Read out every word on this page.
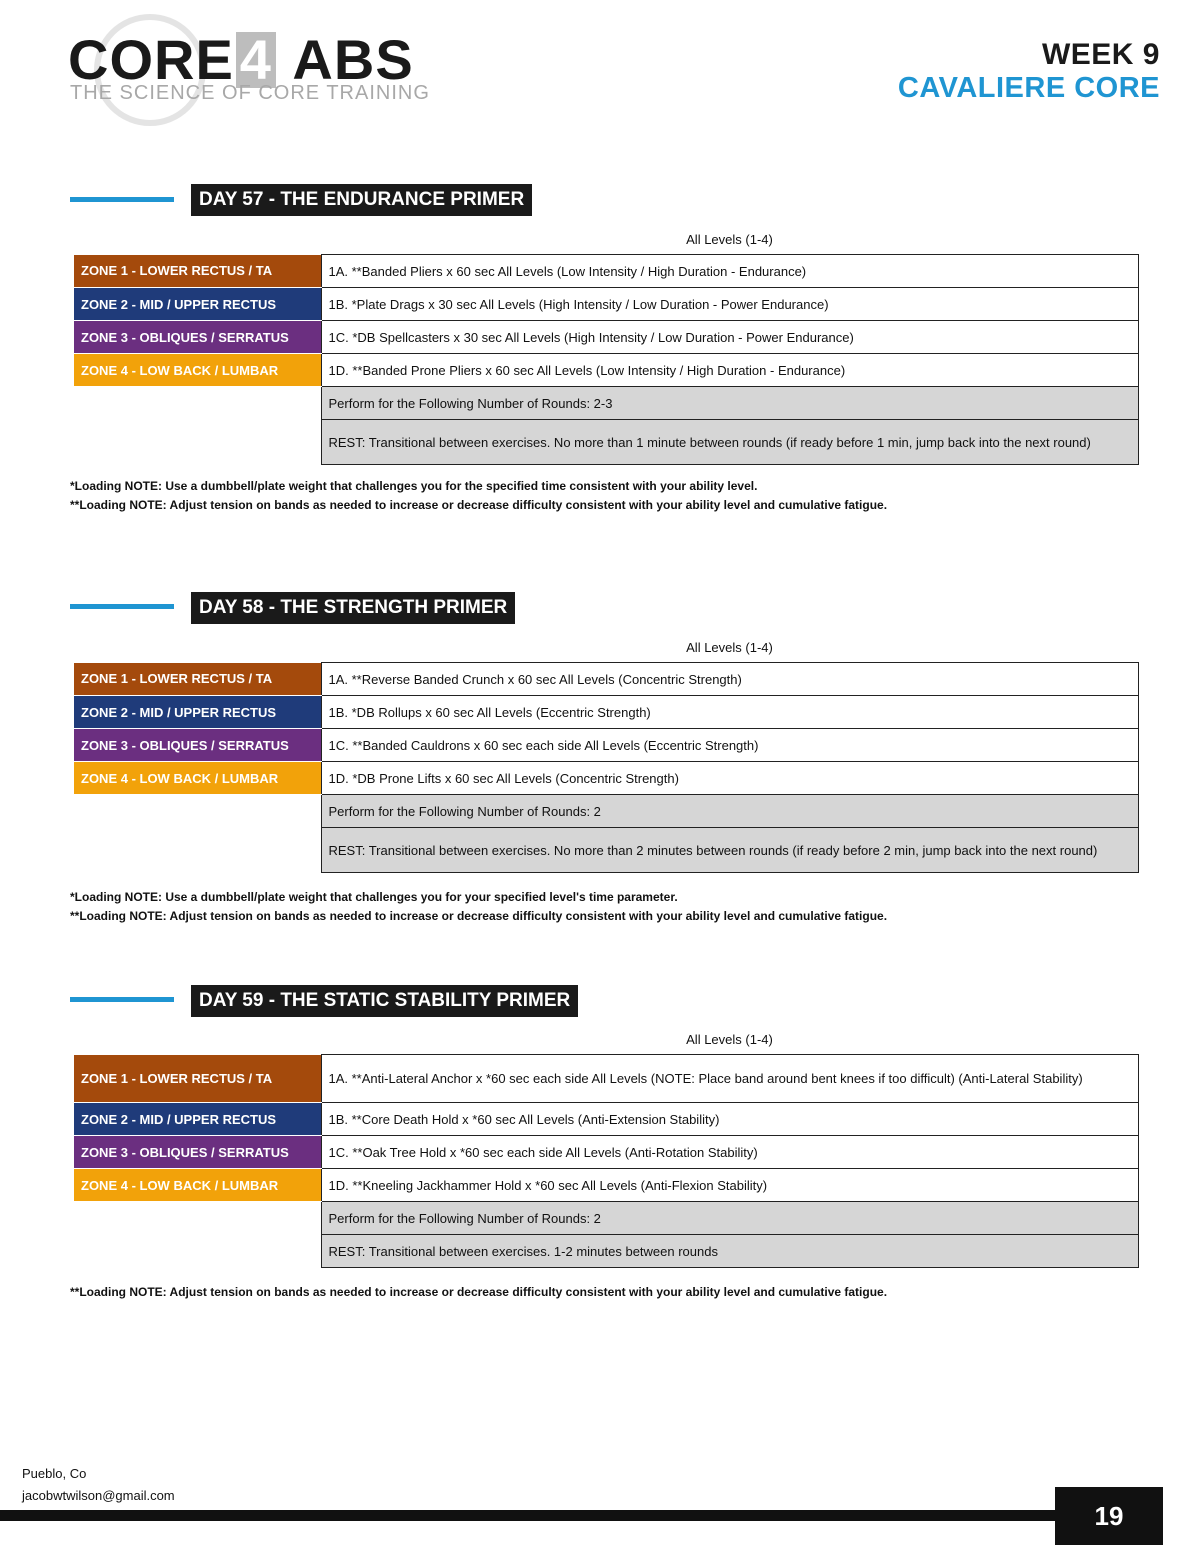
CORE 4 ABS
THE SCIENCE OF CORE TRAINING
WEEK 9
CAVALIERE CORE
DAY 57 - THE ENDURANCE PRIMER
All Levels (1-4)
ZONE 1 - LOWER RECTUS / TA	1A. **Banded Pliers x 60 sec All Levels (Low Intensity / High Duration - Endurance)
ZONE 2 - MID / UPPER RECTUS	1B. *Plate Drags x 30 sec All Levels (High Intensity / Low Duration - Power Endurance)
ZONE 3 - OBLIQUES / SERRATUS	1C. *DB Spellcasters x 30 sec All Levels (High Intensity / Low Duration - Power Endurance)
ZONE 4 - LOW BACK / LUMBAR	1D. **Banded Prone Pliers x 60 sec All Levels (Low Intensity / High Duration - Endurance)
	Perform for the Following Number of Rounds: 2-3
	REST: Transitional between exercises. No more than 1 minute between rounds (if ready before 1 min, jump back into the next round)
*Loading NOTE: Use a dumbbell/plate weight that challenges you for the specified time consistent with your ability level.
**Loading NOTE: Adjust tension on bands as needed to increase or decrease difficulty consistent with your ability level and cumulative fatigue.
DAY 58 - THE STRENGTH PRIMER
All Levels (1-4)
ZONE 1 - LOWER RECTUS / TA	1A. **Reverse Banded Crunch x 60 sec All Levels (Concentric Strength)
ZONE 2 - MID / UPPER RECTUS	1B. *DB Rollups x 60 sec All Levels (Eccentric Strength)
ZONE 3 - OBLIQUES / SERRATUS	1C. **Banded Cauldrons x 60 sec each side All Levels (Eccentric Strength)
ZONE 4 - LOW BACK / LUMBAR	1D. *DB Prone Lifts x 60 sec All Levels (Concentric Strength)
	Perform for the Following Number of Rounds: 2
	REST: Transitional between exercises. No more than 2 minutes between rounds (if ready before 2 min, jump back into the next round)
*Loading NOTE: Use a dumbbell/plate weight that challenges you for your specified level's time parameter.
**Loading NOTE: Adjust tension on bands as needed to increase or decrease difficulty consistent with your ability level and cumulative fatigue.
DAY 59 - THE STATIC STABILITY PRIMER
All Levels (1-4)
ZONE 1 - LOWER RECTUS / TA	1A. **Anti-Lateral Anchor x *60 sec each side All Levels (NOTE: Place band around bent knees if too difficult) (Anti-Lateral Stability)
ZONE 2 - MID / UPPER RECTUS	1B. **Core Death Hold x *60 sec All Levels (Anti-Extension Stability)
ZONE 3 - OBLIQUES / SERRATUS	1C. **Oak Tree Hold x *60 sec each side All Levels (Anti-Rotation Stability)
ZONE 4 - LOW BACK / LUMBAR	1D. **Kneeling Jackhammer Hold x *60 sec All Levels (Anti-Flexion Stability)
	Perform for the Following Number of Rounds: 2
	REST: Transitional between exercises. 1-2 minutes between rounds
**Loading NOTE: Adjust tension on bands as needed to increase or decrease difficulty consistent with your ability level and cumulative fatigue.
Pueblo, Co
jacobwtwilson@gmail.com
19
